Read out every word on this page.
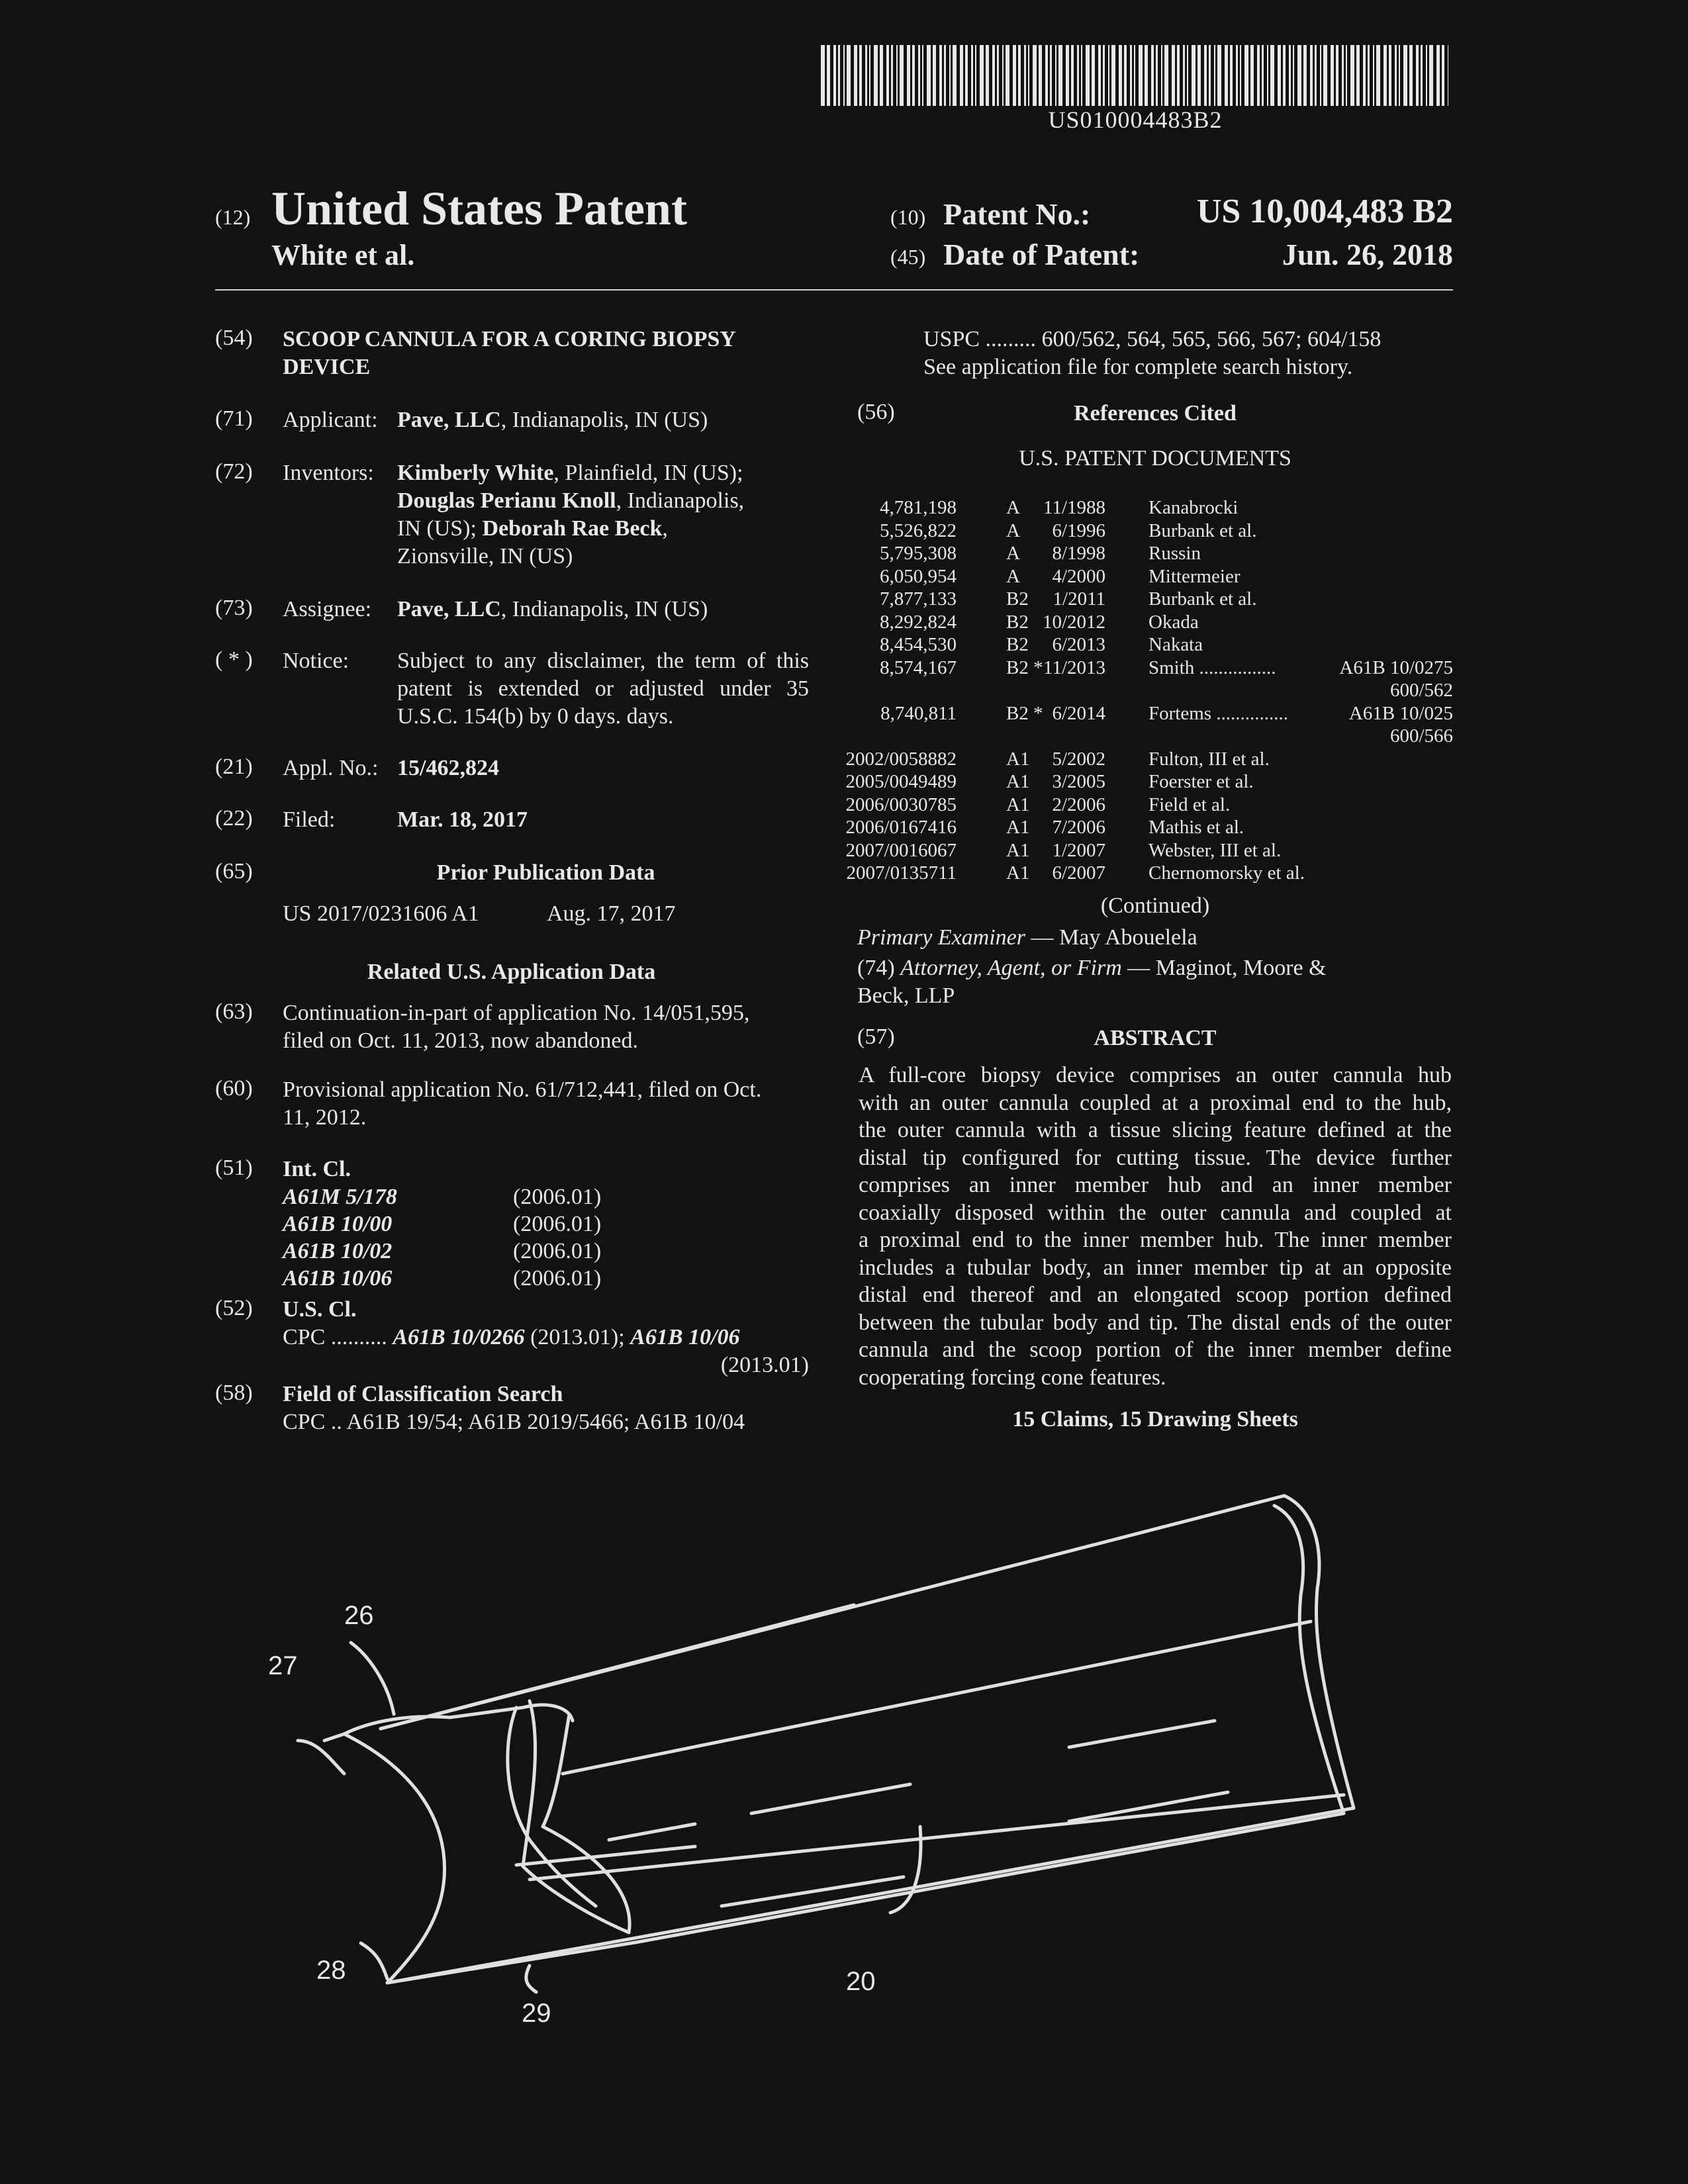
US010004483B2
(12) United States Patent
White et al.
(10) Patent No.:	US 10,004,483 B2
(45) Date of Patent:	Jun. 26, 2018
(54) SCOOP CANNULA FOR A CORING BIOPSY
DEVICE
(71) Applicant: Pave, LLC, Indianapolis, IN (US)
(72) Inventors: Kimberly White, Plainfield, IN (US);
Douglas Perianu Knoll, Indianapolis,
IN (US); Deborah Rae Beck,
Zionsville, IN (US)
(73) Assignee: Pave, LLC, Indianapolis, IN (US)
( * ) Notice: Subject to any disclaimer, the term of this
patent is extended or adjusted under 35
U.S.C. 154(b) by 0 days. days.
(21) Appl. No.: 15/462,824
(22) Filed:	Mar. 18, 2017
(65)	Prior Publication Data
US 2017/0231606 A1	Aug. 17, 2017
Related U.S. Application Data
(63) Continuation-in-part of application No. 14/051,595,
filed on Oct. 11, 2013, now abandoned.
(60) Provisional application No. 61/712,441, filed on Oct.
11, 2012.
(51) Int. Cl.
A61M 5/178	(2006.01)
A61B 10/00	(2006.01)
A61B 10/02	(2006.01)
A61B 10/06	(2006.01)
(52) U.S. Cl.
CPC .......... A61B 10/0266 (2013.01); A61B 10/06
(2013.01)
(58) Field of Classification Search
CPC .. A61B 19/54; A61B 2019/5466; A61B 10/04
USPC ......... 600/562, 564, 565, 566, 567; 604/158
See application file for complete search history.
(56)	References Cited
U.S. PATENT DOCUMENTS
4,781,198	A 11/1988 Kanabrocki
5,526,822	A 6/1996 Burbank et al.
5,795,308	A 8/1998 Russin
6,050,954	A 4/2000 Mittermeier
7,877,133	B2 1/2011 Burbank et al.
8,292,824	B2 10/2012 Okada
8,454,530	B2 6/2013 Nakata
8,574,167	B2 * 11/2013 Smith ................	A61B 10/0275
600/562
8,740,811	B2 * 6/2014 Fortems ...............	A61B 10/025
600/566
2002/0058882	A1 5/2002 Fulton, III et al.
2005/0049489	A1 3/2005 Foerster et al.
2006/0030785	A1 2/2006 Field et al.
2006/0167416	A1 7/2006 Mathis et al.
2007/0016067	A1 1/2007 Webster, III et al.
2007/0135711	A1 6/2007 Chernomorsky et al.
(Continued)
Primary Examiner — May Abouelela
(74) Attorney, Agent, or Firm — Maginot, Moore &
Beck, LLP
(57)	ABSTRACT
A full-core biopsy device comprises an outer cannula hub
with an outer cannula coupled at a proximal end to the hub,
the outer cannula with a tissue slicing feature defined at the
distal tip configured for cutting tissue. The device further
comprises an inner member hub and an inner member
coaxially disposed within the outer cannula and coupled at
a proximal end to the inner member hub. The inner member
includes a tubular body, an inner member tip at an opposite
distal end thereof and an elongated scoop portion defined
between the tubular body and tip. The distal ends of the outer
cannula and the scoop portion of the inner member define
cooperating forcing cone features.
15 Claims, 15 Drawing Sheets
26
27
28
29
20
